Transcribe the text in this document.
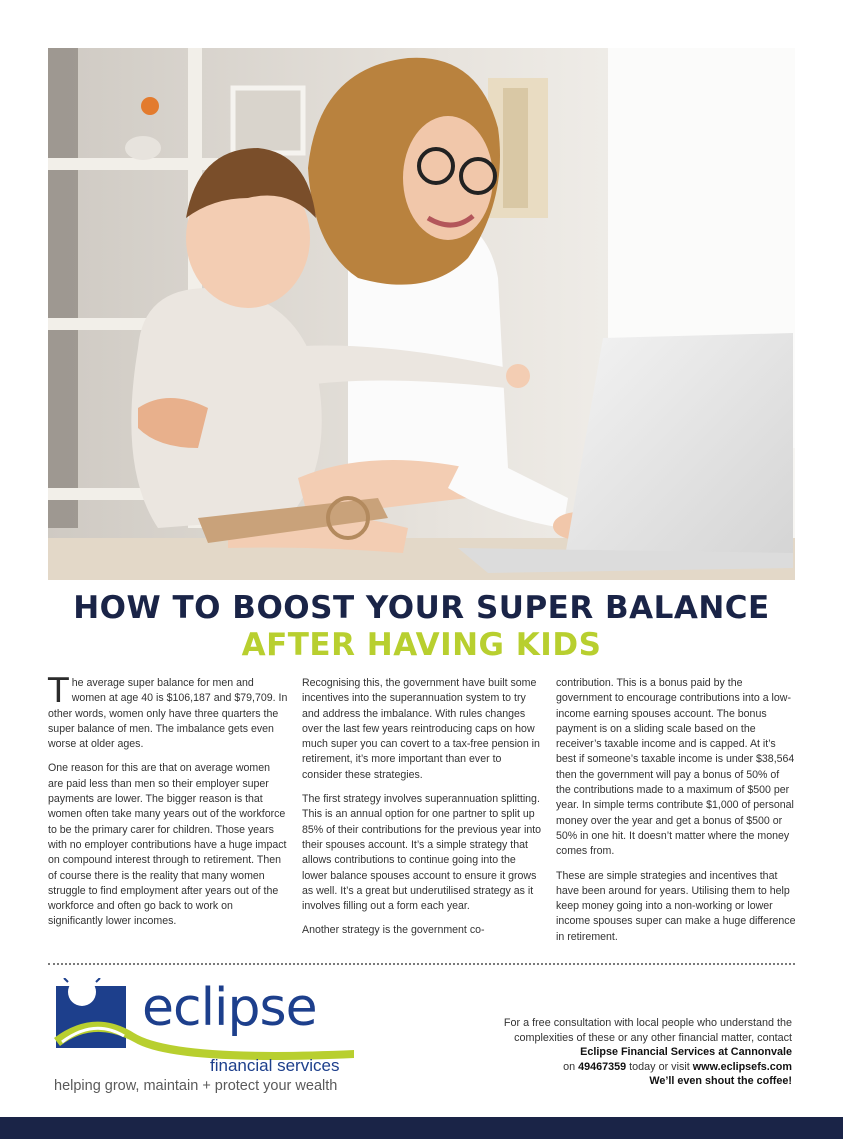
HOW TO BOOST YOUR SUPER BALANCE
AFTER HAVING KIDS

The average super balance for men and women at age 40 is $106,187 and $79,709. In other words, women only have three quarters the super balance of men. The imbalance gets even worse at older ages.

One reason for this are that on average women are paid less than men so their employer super payments are lower. The bigger reason is that women often take many years out of the workforce to be the primary carer for children. Those years with no employer contributions have a huge impact on compound interest through to retirement. Then of course there is the reality that many women struggle to find employment after years out of the workforce and often go back to work on significantly lower incomes.

Recognising this, the government have built some incentives into the superannuation system to try and address the imbalance. With rules changes over the last few years reintroducing caps on how much super you can covert to a tax-free pension in retirement, it’s more important than ever to consider these strategies.

The first strategy involves superannuation splitting. This is an annual option for one partner to split up 85% of their contributions for the previous year into their spouses account. It’s a simple strategy that allows contributions to continue going into the lower balance spouses account to ensure it grows as well. It’s a great but underutilised strategy as it involves filling out a form each year.

Another strategy is the government co-

contribution. This is a bonus paid by the government to encourage contributions into a low-income earning spouses account. The bonus payment is on a sliding scale based on the receiver’s taxable income and is capped. At it’s best if someone’s taxable income is under $38,564 then the government will pay a bonus of 50% of the contributions made to a maximum of $500 per year. In simple terms contribute $1,000 of personal money over the year and get a bonus of $500 or 50% in one hit. It doesn’t matter where the money comes from.

These are simple strategies and incentives that have been around for years. Utilising them to help keep money going into a non-working or lower income spouses super can make a huge difference in retirement.

eclipse
financial services
helping grow, maintain + protect your wealth
For a free consultation with local people who understand the
complexities of these or any other financial matter, contact
Eclipse Financial Services at Cannonvale
on 49467359 today or visit www.eclipsefs.com
We’ll even shout the coffee!
